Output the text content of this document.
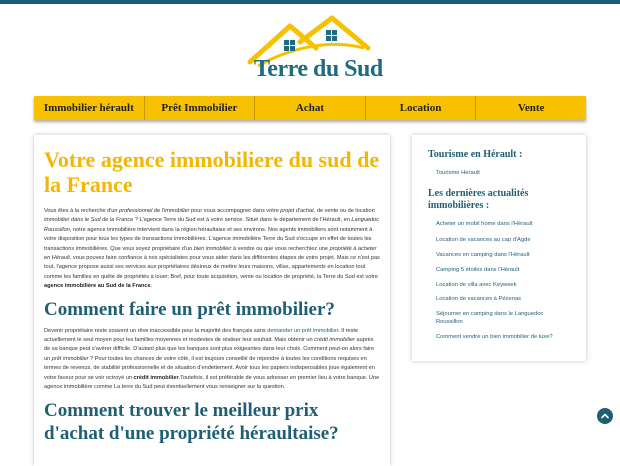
Terre du Sud
Immobilier hérault	Prêt Immobilier	Achat	Location	Vente
Votre agence immobiliere du sud de la France

Vous êtes à la recherche d'un professionnel de l'immobilier pour vous accompagner dans votre projet d'achat, de vente ou de location immobilier dans le Sud de la France ? L'agence Terre du Sud est à votre service. Situé dans le département de l'Hérault, en Languedoc Roussillon, notre agence immobilière intervient dans la région héraultaise et ses environs. Nos agents immobiliers sont notamment à votre disposition pour tous les types de transactions immobilières. L'agence immobilière Terre du Sud s'occupe en effet de toutes les transactions immobilières. Que vous soyez propriétaire d'un bien immobilier à vendre ou que vous recherchiez une propriété à acheter en Hérault, vous pouvez faire confiance à nos spécialistes pour vous aider dans les différentes étapes de votre projet. Mais ce n'est pas tout, l'agence propose aussi ses services aux propriétaires désireux de mettre leurs maisons, villas, appartements en location tout comme les familles en quête de propriétés à louer. Bref, pour toute acquisition, vente ou location de propriété, la Terre du Sud est votre agence immobilière au Sud de la France.

Comment faire un prêt immobilier?

Devenir propriétaire reste souvent un rêve inaccessible pour la majorité des français sans demander un prêt immobilier. Il reste actuellement le seul moyen pour les familles moyennes et modestes de réaliser leur souhait. Mais obtenir un crédit immobilier auprès de sa banque peut s'avérer difficile. D'autant plus que les banques sont plus exigeantes dans leur choix. Comment peut-on alors faire un prêt immobilier ? Pour toutes les chances de votre côté, il est toujours conseillé de répondre à toutes les conditions requises en termes de revenus, de stabilité professionnelle et de situation d'endettement. Avoir tous les papiers indispensables joue également en votre faveur pour se voir octroyé un crédit immobilier.Toutefois, il est préférable de vous adresser en premier lieu à votre banque. Une agence immobilière comme La terre du Sud peut éventuellement vous renseigner sur la question.

Comment trouver le meilleur prix d'achat d'une propriété héraultaise?
Tourisme en Hérault :
Tourisme Herault
Les dernières actualités immobilières :
Acheter un mobil home dans l'Hérault
Location de vacances au cap d'Agde
Vacances en camping dans l'Hérault
Camping 5 étoiles dans l'Hérault
Location de villa avec Keyweek
Location de vacances à Pézenas
Séjourner en camping dans le Languedoc Roussillon
Comment vendre un bien immobilier de luxe?
